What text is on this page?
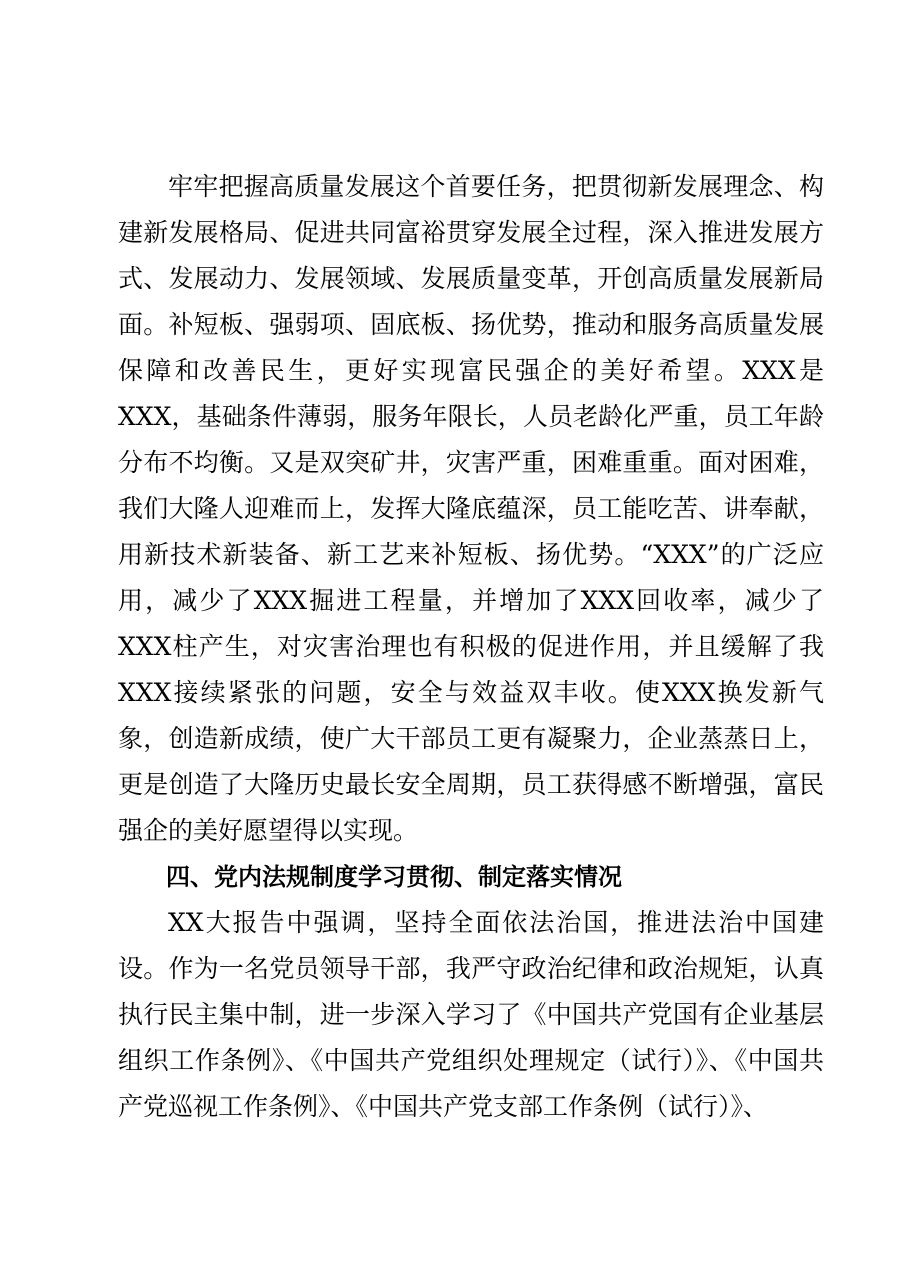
牢牢把握高质量发展这个首要任务，把贯彻新发展理念、构建新发展格局、促进共同富裕贯穿发展全过程，深入推进发展方式、发展动力、发展领域、发展质量变革，开创高质量发展新局面。补短板、强弱项、固底板、扬优势，推动和服务高质量发展保障和改善民生，更好实现富民强企的美好希望。XXX是XXX，基础条件薄弱，服务年限长，人员老龄化严重，员工年龄分布不均衡。又是双突矿井，灾害严重，困难重重。面对困难，我们大隆人迎难而上，发挥大隆底蕴深，员工能吃苦、讲奉献，用新技术新装备、新工艺来补短板、扬优势。“XXX”的广泛应用，减少了XXX掘进工程量，并增加了XXX回收率，减少了XXX柱产生，对灾害治理也有积极的促进作用，并且缓解了我XXX接续紧张的问题，安全与效益双丰收。使XXX换发新气象，创造新成绩，使广大干部员工更有凝聚力，企业蒸蒸日上，更是创造了大隆历史最长安全周期，员工获得感不断增强，富民强企的美好愿望得以实现。

四、党内法规制度学习贯彻、制定落实情况

XX大报告中强调，坚持全面依法治国，推进法治中国建设。作为一名党员领导干部，我严守政治纪律和政治规矩，认真执行民主集中制，进一步深入学习了《中国共产党国有企业基层组织工作条例》、《中国共产党组织处理规定（试行）》、《中国共产党巡视工作条例》、《中国共产党支部工作条例（试行）》、
